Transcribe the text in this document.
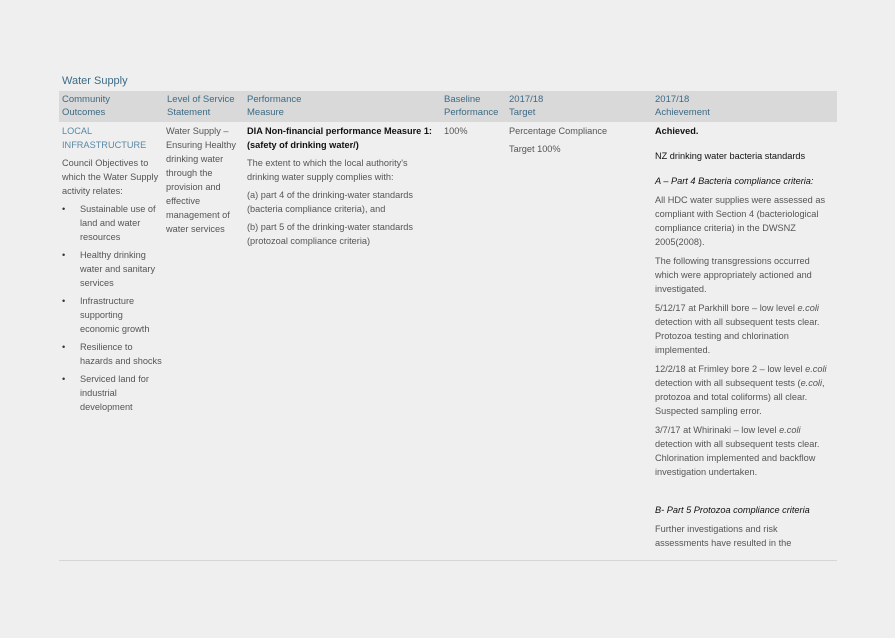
Water Supply
Community
Outcomes
Level of Service
Statement
Performance
Measure
Baseline
Performance
2017/18
Target
2017/18
Achievement
LOCAL
INFRASTRUCTURE

Council Objectives to which the Water Supply activity relates:

• Sustainable use of land and water resources
• Healthy drinking water and sanitary services
• Infrastructure supporting economic growth
• Resilience to hazards and shocks
• Serviced land for industrial development

Water Supply – Ensuring Healthy drinking water through the provision and effective management of water services

DIA Non-financial performance Measure 1: (safety of drinking water/)

The extent to which the local authority's drinking water supply complies with:

(a) part 4 of the drinking-water standards (bacteria compliance criteria), and

(b) part 5 of the drinking-water standards (protozoal compliance criteria)

100%	Percentage Compliance

Target 100%

Achieved.

NZ drinking water bacteria standards

A – Part 4 Bacteria compliance criteria:

All HDC water supplies were assessed as compliant with Section 4 (bacteriological compliance criteria) in the DWSNZ 2005(2008).

The following transgressions occurred which were appropriately actioned and investigated.

5/12/17 at Parkhill bore – low level e.coli detection with all subsequent tests clear. Protozoa testing and chlorination implemented.

12/2/18 at Frimley bore 2 – low level e.coli detection with all subsequent tests (e.coli, protozoa and total coliforms) all clear. Suspected sampling error.

3/7/17 at Whirinaki – low level e.coli detection with all subsequent tests clear. Chlorination implemented and backflow investigation undertaken.

B- Part 5 Protozoa compliance criteria

Further investigations and risk assessments have resulted in the
